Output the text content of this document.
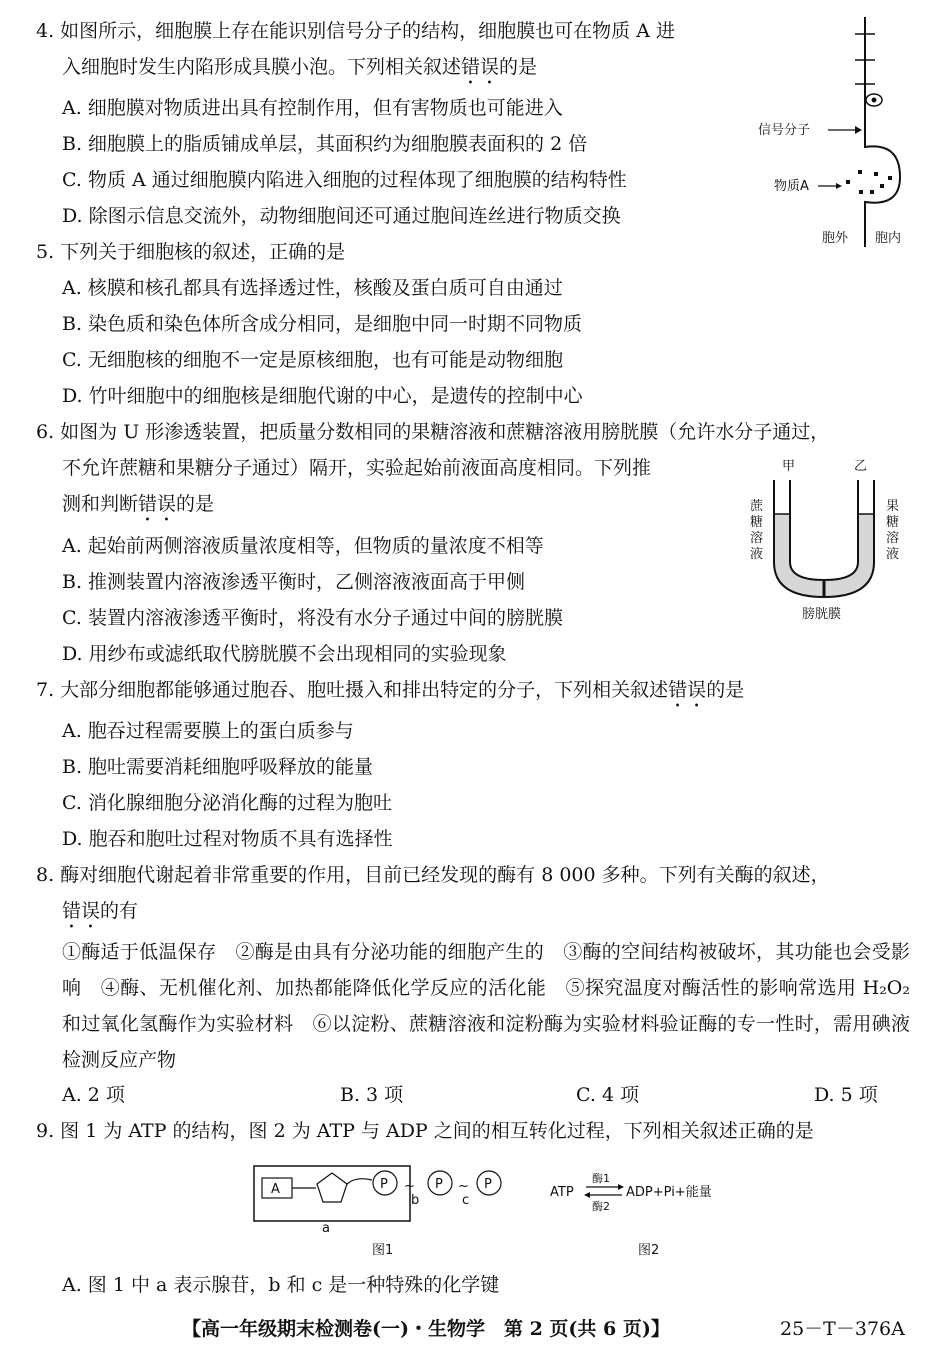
4. 如图所示，细胞膜上存在能识别信号分子的结构，细胞膜也可在物质 A 进
入细胞时发生内陷形成具膜小泡。下列相关叙述错误的是
A. 细胞膜对物质进出具有控制作用，但有害物质也可能进入
B. 细胞膜上的脂质铺成单层，其面积约为细胞膜表面积的 2 倍
C. 物质 A 通过细胞膜内陷进入细胞的过程体现了细胞膜的结构特性
D. 除图示信息交流外，动物细胞间还可通过胞间连丝进行物质交换
信号分子
物质A
胞外 胞内
5. 下列关于细胞核的叙述，正确的是
A. 核膜和核孔都具有选择透过性，核酸及蛋白质可自由通过
B. 染色质和染色体所含成分相同，是细胞中同一时期不同物质
C. 无细胞核的细胞不一定是原核细胞，也有可能是动物细胞
D. 竹叶细胞中的细胞核是细胞代谢的中心，是遗传的控制中心
6. 如图为 U 形渗透装置，把质量分数相同的果糖溶液和蔗糖溶液用膀胱膜（允许水分子通过，
不允许蔗糖和果糖分子通过）隔开，实验起始前液面高度相同。下列推
测和判断错误的是
A. 起始前两侧溶液质量浓度相等，但物质的量浓度不相等
B. 推测装置内溶液渗透平衡时，乙侧溶液液面高于甲侧
C. 装置内溶液渗透平衡时，将没有水分子通过中间的膀胱膜
D. 用纱布或滤纸取代膀胱膜不会出现相同的实验现象
甲	乙
蔗
糖
溶
液
果
糖
溶
液
膀胱膜
7. 大部分细胞都能够通过胞吞、胞吐摄入和排出特定的分子，下列相关叙述错误的是
A. 胞吞过程需要膜上的蛋白质参与
B. 胞吐需要消耗细胞呼吸释放的能量
C. 消化腺细胞分泌消化酶的过程为胞吐
D. 胞吞和胞吐过程对物质不具有选择性
8. 酶对细胞代谢起着非常重要的作用，目前已经发现的酶有 8 000 多种。下列有关酶的叙述，
错误的有
①酶适于低温保存　②酶是由具有分泌功能的细胞产生的　③酶的空间结构被破坏，其功能也会受影响　④酶、无机催化剂、加热都能降低化学反应的活化能　⑤探究温度对酶活性的影响常选用 H₂O₂ 和过氧化氢酶作为实验材料　⑥以淀粉、蔗糖溶液和淀粉酶为实验材料验证酶的专一性时，需用碘液检测反应产物
A. 2 项	B. 3 项	C. 4 项	D. 5 项
9. 图 1 为 ATP 的结构，图 2 为 ATP 与 ADP 之间的相互转化过程，下列相关叙述正确的是
A	P ~
b
P ~
c
P
a
图1
ATP
酶1
酶2
ADP+Pi+能量
图2
A. 图 1 中 a 表示腺苷，b 和 c 是一种特殊的化学键
【高一年级期末检测卷(一)・生物学　第 2 页(共 6 页)】	25－T－376A
